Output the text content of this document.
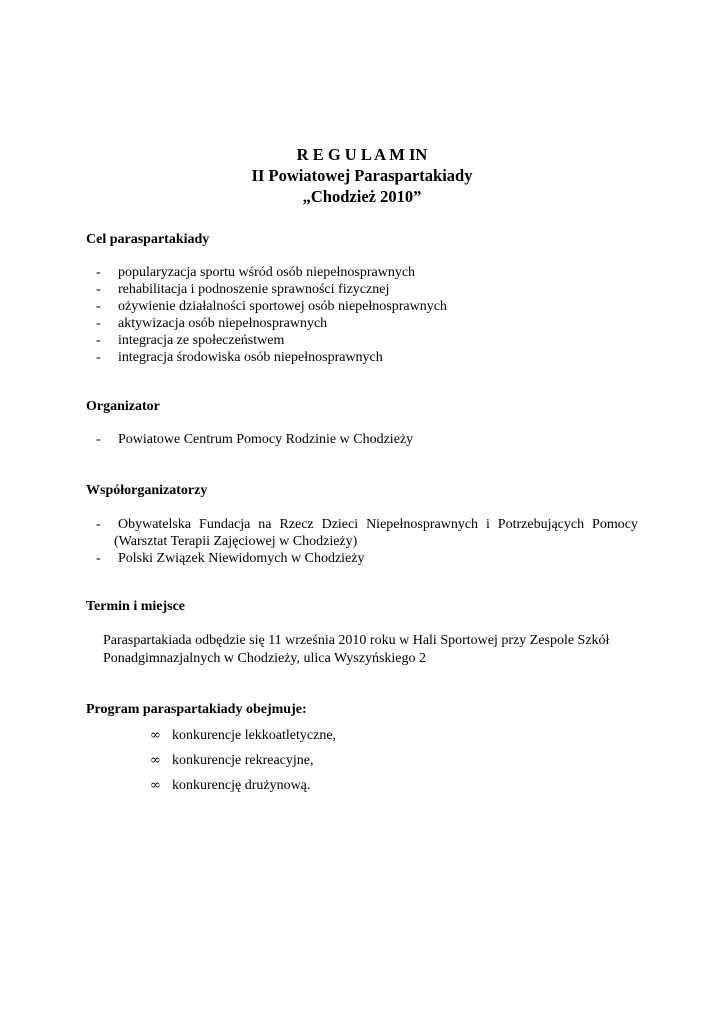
R E G U L A M IN
II Powiatowej Paraspartakiady
„Chodzież 2010”
Cel paraspartakiady
- popularyzacja sportu wśród osób niepełnosprawnych
- rehabilitacja i podnoszenie sprawności fizycznej
- ożywienie działalności sportowej osób niepełnosprawnych
- aktywizacja osób niepełnosprawnych
- integracja ze społeczeństwem
- integracja środowiska osób niepełnosprawnych
Organizator
- Powiatowe Centrum Pomocy Rodzinie w Chodzieży
Współorganizatorzy
- Obywatelska Fundacja na Rzecz Dzieci Niepełnosprawnych i Potrzebujących Pomocy
(Warsztat Terapii Zajęciowej w Chodzieży)
- Polski Związek Niewidomych w Chodzieży
Termin i miejsce
Paraspartakiada odbędzie się 11 września 2010 roku w Hali Sportowej przy Zespole Szkół
Ponadgimnazjalnych w Chodzieży, ulica Wyszyńskiego 2
Program paraspartakiady obejmuje:
∞ konkurencje lekkoatletyczne,
∞ konkurencje rekreacyjne,
∞ konkurencję drużynową.
